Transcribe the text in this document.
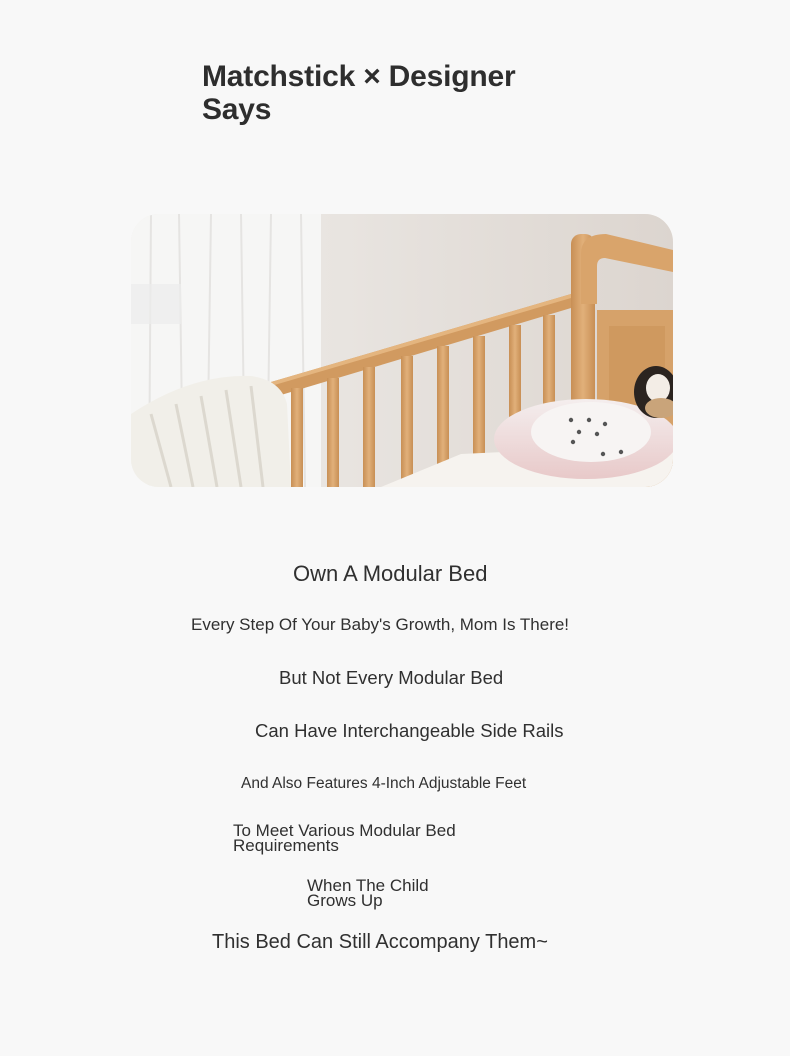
Matchstick × Designer Says
Own A Modular Bed
Every Step Of Your Baby's Growth, Mom Is There!
But Not Every Modular Bed
Can Have Interchangeable Side Rails
And Also Features 4-Inch Adjustable Feet
To Meet Various Modular Bed Requirements
When The Child Grows Up
This Bed Can Still Accompany Them~
